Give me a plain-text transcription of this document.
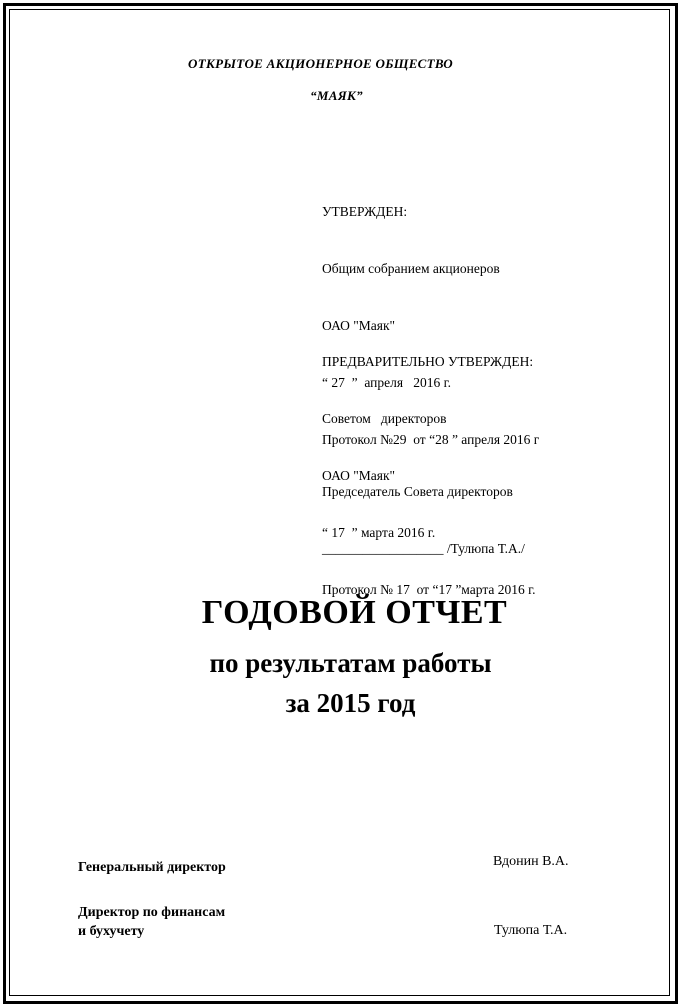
ОТКРЫТОЕ АКЦИОНЕРНОЕ ОБЩЕСТВО
“МАЯК”

УТВЕРЖДЕН:

Общим собранием акционеров

ОАО "Маяк"

“ 27  ”  апреля   2016 г.

Протокол №29  от “28 ” апреля 2016 г

ПРЕДВАРИТЕЛЬНО УТВЕРЖДЕН:

Советом   директоров

ОАО "Маяк"

“ 17  ” марта 2016 г.

Протокол № 17  от “17 ”марта 2016 г.

Председатель Совета директоров

__________________ /Тулюпа Т.А./

ГОДОВОЙ ОТЧЕТ
по результатам работы
за 2015 год
Генеральный директор	Вдонин В.А.
Директор по финансам
и бухучету	Тулюпа Т.А.
